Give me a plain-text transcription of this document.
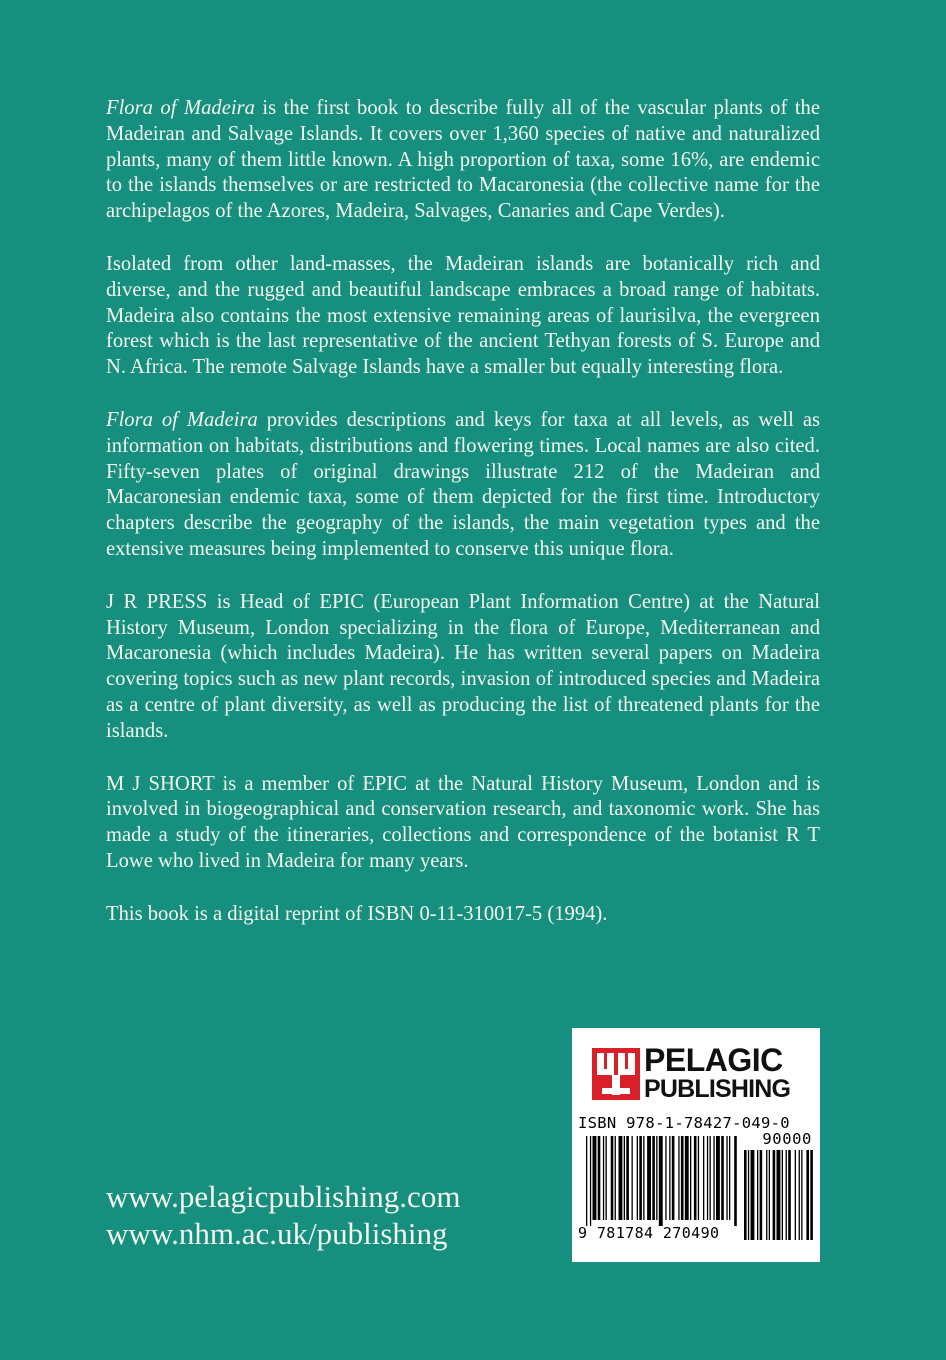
Flora of Madeira is the first book to describe fully all of the vascular plants of the Madeiran and Salvage Islands. It covers over 1,360 species of native and naturalized plants, many of them little known. A high proportion of taxa, some 16%, are endemic to the islands themselves or are restricted to Macaronesia (the collective name for the archipelagos of the Azores, Madeira, Salvages, Canaries and Cape Verdes).

Isolated from other land-masses, the Madeiran islands are botanically rich and diverse, and the rugged and beautiful landscape embraces a broad range of habitats. Madeira also contains the most extensive remaining areas of laurisilva, the evergreen forest which is the last representative of the ancient Tethyan forests of S. Europe and N. Africa. The remote Salvage Islands have a smaller but equally interesting flora.

Flora of Madeira provides descriptions and keys for taxa at all levels, as well as information on habitats, distributions and flowering times. Local names are also cited. Fifty-seven plates of original drawings illustrate 212 of the Madeiran and Macaronesian endemic taxa, some of them depicted for the first time. Introductory chapters describe the geography of the islands, the main vegetation types and the extensive measures being implemented to conserve this unique flora.

J R PRESS is Head of EPIC (European Plant Information Centre) at the Natural History Museum, London specializing in the flora of Europe, Mediterranean and Macaronesia (which includes Madeira). He has written several papers on Madeira covering topics such as new plant records, invasion of introduced species and Madeira as a centre of plant diversity, as well as producing the list of threatened plants for the islands.

M J SHORT is a member of EPIC at the Natural History Museum, London and is involved in biogeographical and conservation research, and taxonomic work. She has made a study of the itineraries, collections and correspondence of the botanist R T Lowe who lived in Madeira for many years.

This book is a digital reprint of ISBN 0-11-310017-5 (1994).

www.pelagicpublishing.com
www.nhm.ac.uk/publishing
PELAGIC
PUBLISHING
ISBN 978-1-78427-049-0
90000
9 781784 270490
